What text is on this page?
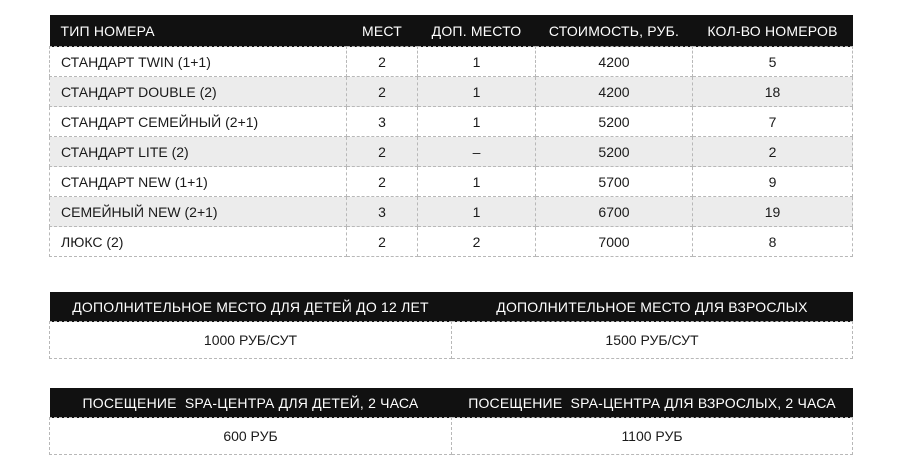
ТИП НОМЕРА	МЕСТ	ДОП. МЕСТО	СТОИМОСТЬ, РУБ.	КОЛ-ВО НОМЕРОВ
СТАНДАРТ TWIN (1+1)	2	1	4200	5
СТАНДАРТ DOUBLE (2)	2	1	4200	18
СТАНДАРТ СЕМЕЙНЫЙ (2+1)	3	1	5200	7
СТАНДАРТ LITE (2)	2	–	5200	2
СТАНДАРТ NEW (1+1)	2	1	5700	9
СЕМЕЙНЫЙ NEW (2+1)	3	1	6700	19
ЛЮКС (2)	2	2	7000	8
ДОПОЛНИТЕЛЬНОЕ МЕСТО ДЛЯ ДЕТЕЙ ДО 12 ЛЕТ	ДОПОЛНИТЕЛЬНОЕ МЕСТО ДЛЯ ВЗРОСЛЫХ
1000 РУБ/СУТ	1500 РУБ/СУТ
ПОСЕЩЕНИЕ  SPA-ЦЕНТРА ДЛЯ ДЕТЕЙ, 2 ЧАСА	ПОСЕЩЕНИЕ  SPA-ЦЕНТРА ДЛЯ ВЗРОСЛЫХ, 2 ЧАСА
600 РУБ	1100 РУБ
